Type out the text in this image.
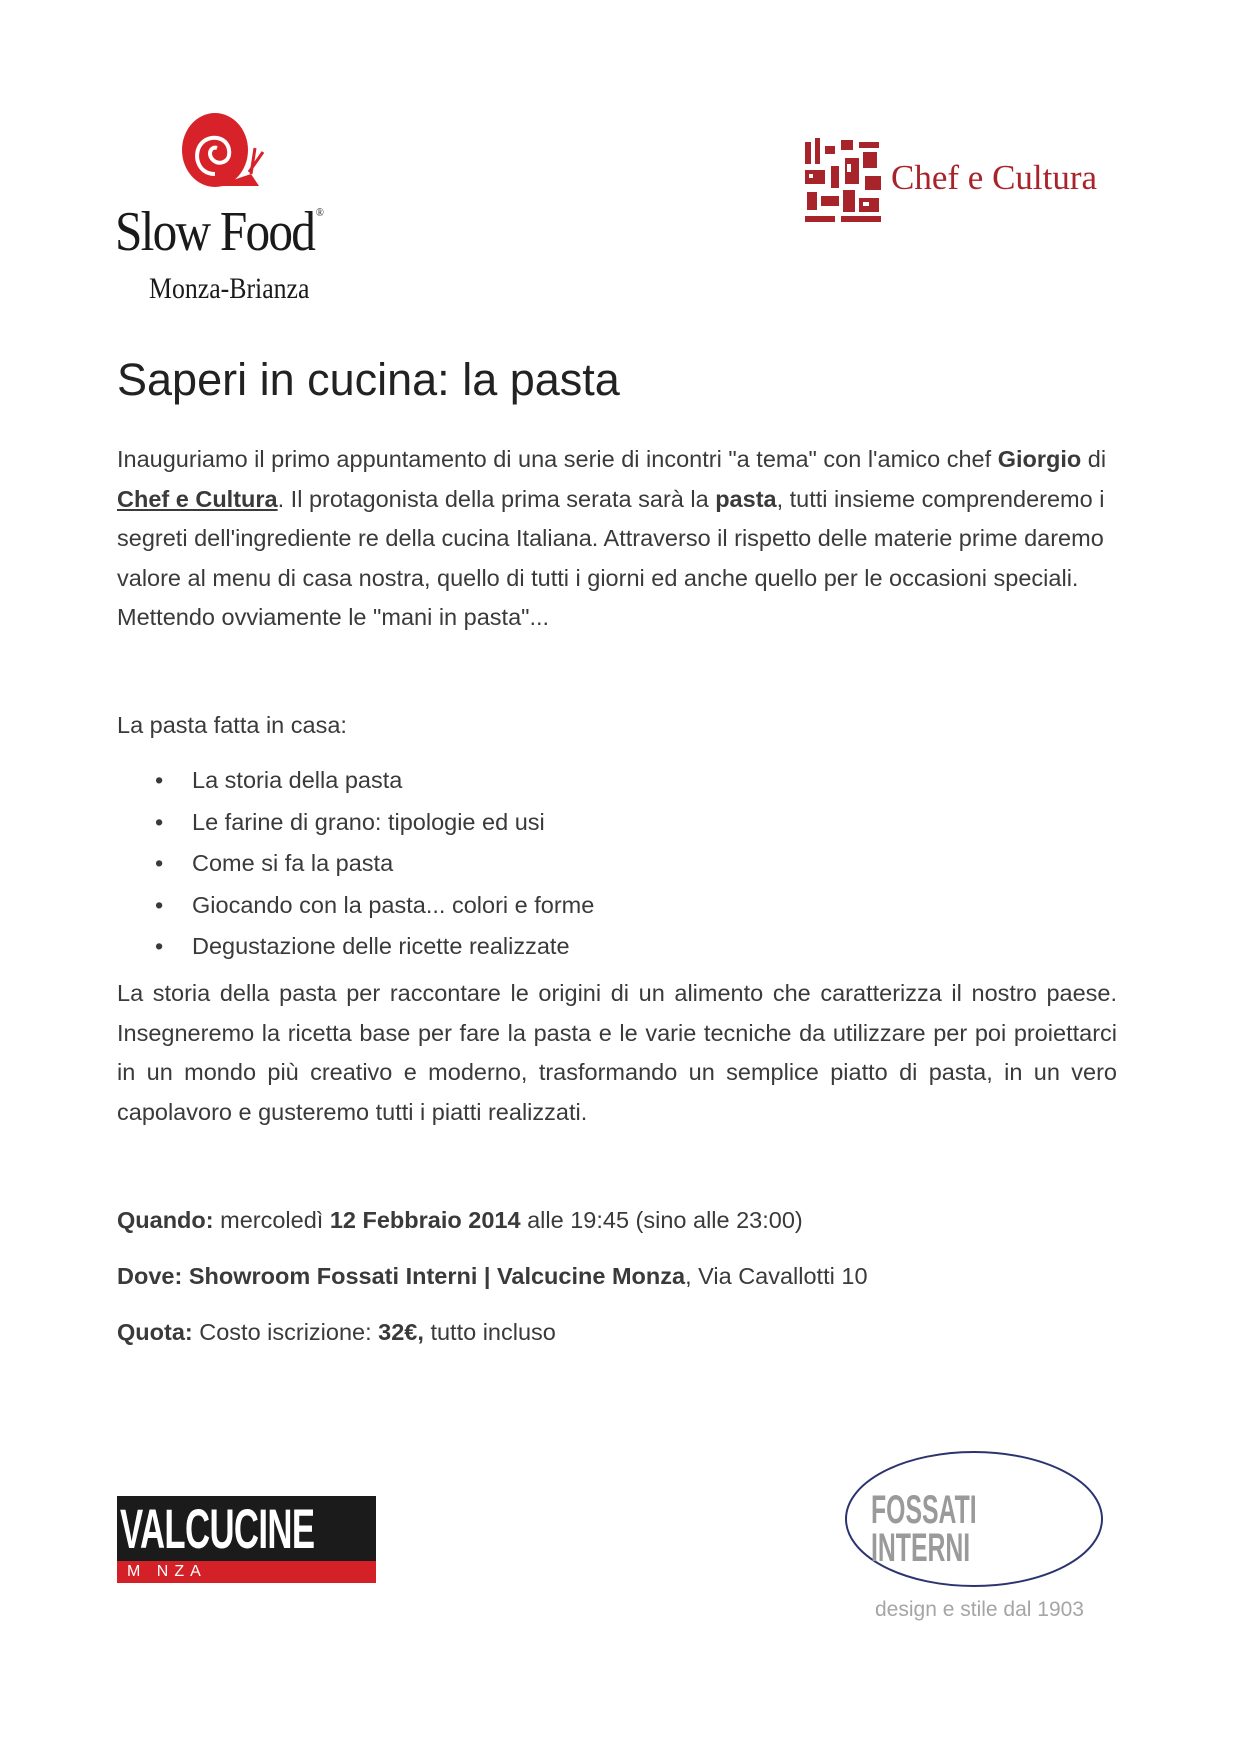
Slow Food ®
Monza-Brianza
Chef e Cultura
Saperi in cucina: la pasta

Inauguriamo il primo appuntamento di una serie di incontri "a tema" con l'amico chef Giorgio di Chef e Cultura. Il protagonista della prima serata sarà la pasta, tutti insieme comprenderemo i segreti dell'ingrediente re della cucina Italiana. Attraverso il rispetto delle materie prime daremo valore al menu di casa nostra, quello di tutti i giorni ed anche quello per le occasioni speciali. Mettendo ovviamente le "mani in pasta"...

La pasta fatta in casa:

• La storia della pasta
• Le farine di grano: tipologie ed usi
• Come si fa la pasta
• Giocando con la pasta... colori e forme
• Degustazione delle ricette realizzate

La storia della pasta per raccontare le origini di un alimento che caratterizza il nostro paese. Insegneremo la ricetta base per fare la pasta e le varie tecniche da utilizzare per poi proiettarci in un mondo più creativo e moderno, trasformando un semplice piatto di pasta, in un vero capolavoro e gusteremo tutti i piatti realizzati.

Quando: mercoledì 12 Febbraio 2014 alle 19:45 (sino alle 23:00)

Dove: Showroom Fossati Interni | Valcucine Monza, Via Cavallotti 10

Quota: Costo iscrizione: 32€, tutto incluso

VALCUCINE
M NZA
FOSSATI
INTERNI
design e stile dal 1903
